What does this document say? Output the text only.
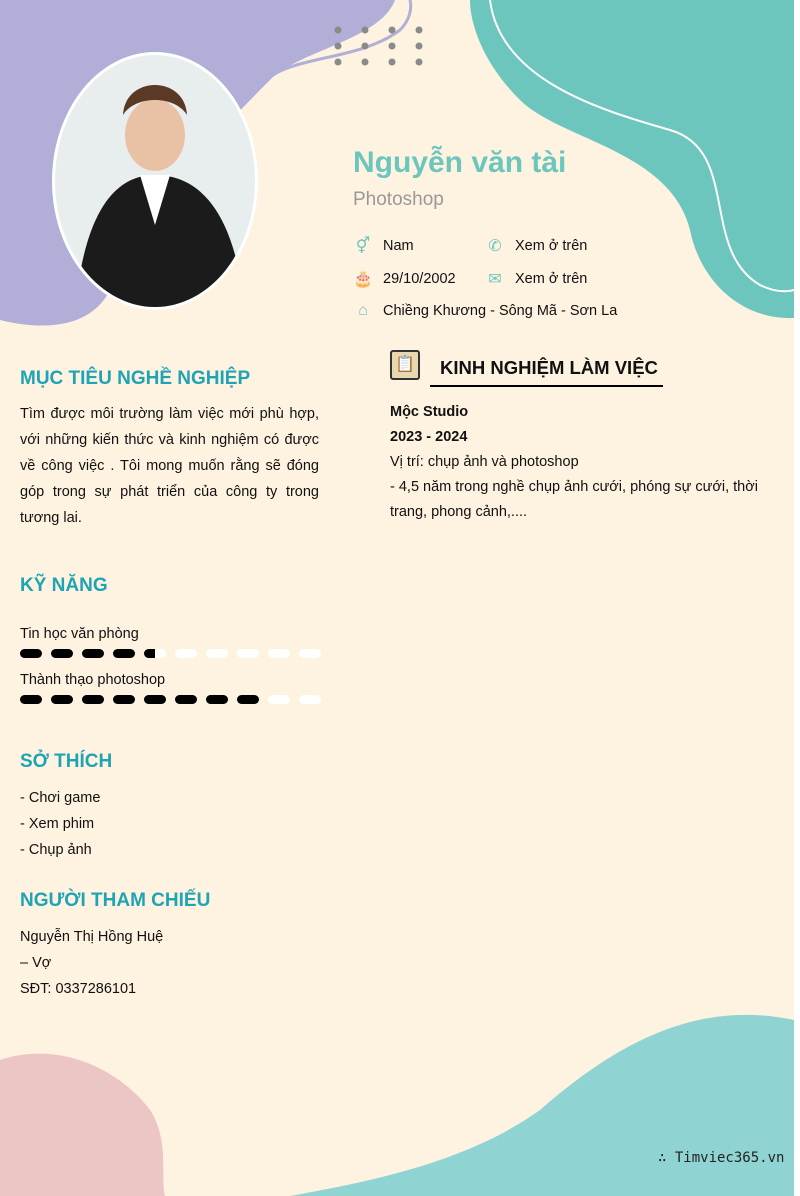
Nguyễn văn tài
Photoshop
⚥ Nam	✆ Xem ở trên
🎂 29/10/2002 ✉ Xem ở trên
⌂	Chiềng Khương - Sông Mã - Sơn La
MỤC TIÊU NGHỀ NGHIỆP
Tìm được môi trường làm việc mới phù hợp, với những kiến thức và kinh nghiệm có được về công việc . Tôi mong muốn rằng sẽ đóng góp trong sự phát triển của công ty trong tương lai.
KỸ NĂNG
Tin học văn phòng
Thành thạo photoshop
SỞ THÍCH
- Chơi game
- Xem phim
- Chụp ảnh
NGƯỜI THAM CHIẾU
Nguyễn Thị Hồng Huệ
– Vợ
SĐT: 0337286101
📋	KINH NGHIỆM LÀM VIỆC
Mộc Studio
2023 - 2024
Vị trí: chụp ảnh và photoshop
- 4,5 năm trong nghề chụp ảnh cưới, phóng sự cưới, thời trang, phong cảnh,....
∴ Timviec365.vn
